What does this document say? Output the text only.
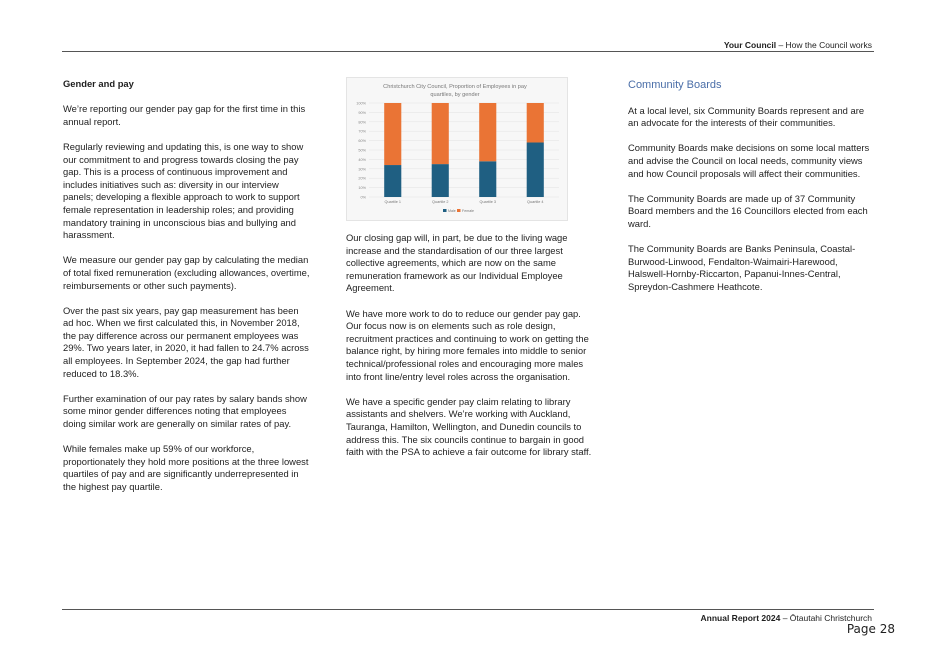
Your Council – How the Council works

Gender and pay

We’re reporting our gender pay gap for the first time in this annual report.

Regularly reviewing and updating this, is one way to show our commitment to and progress towards closing the pay gap. This is a process of continuous improvement and includes initiatives such as: diversity in our interview panels; developing a flexible approach to work to support female representation in leadership roles; and providing mandatory training in unconscious bias and bullying and harassment.

We measure our gender pay gap by calculating the median of total fixed remuneration (excluding allowances, overtime, reimbursements or other such payments).

Over the past six years, pay gap measurement has been ad hoc. When we first calculated this, in November 2018, the pay difference across our permanent employees was 29%. Two years later, in 2020, it had fallen to 24.7% across all employees. In September 2024, the gap had further reduced to 18.3%.

Further examination of our pay rates by salary bands show some minor gender differences noting that employees doing similar work are generally on similar rates of pay.

While females make up 59% of our workforce, proportionately they hold more positions at the three lowest quartiles of pay and are significantly underrepresented in the highest pay quartile.

Christchurch City Council, Proportion of Employees in pay
quartiles, by gender
100%
90%
80%
70%
60%
50%
40%
30%
20%
10%
0%
Quartile 1	Quartile 2	Quartile 3	Quartile 4
Male Female

Our closing gap will, in part, be due to the living wage increase and the standardisation of our three largest collective agreements, which are now on the same remuneration framework as our Individual Employee Agreement.

We have more work to do to reduce our gender pay gap. Our focus now is on elements such as role design, recruitment practices and continuing to work on getting the balance right, by hiring more females into middle to senior technical/professional roles and encouraging more males into front line/entry level roles across the organisation.

We have a specific gender pay claim relating to library assistants and shelvers. We’re working with Auckland, Tauranga, Hamilton, Wellington, and Dunedin councils to address this. The six councils continue to bargain in good faith with the PSA to achieve a fair outcome for library staff.

Community Boards

At a local level, six Community Boards represent and are an advocate for the interests of their communities.

Community Boards make decisions on some local matters and advise the Council on local needs, community views and how Council proposals will affect their communities.

The Community Boards are made up of 37 Community Board members and the 16 Councillors elected from each ward.

The Community Boards are Banks Peninsula, Coastal-Burwood-Linwood, Fendalton-Waimairi-Harewood, Halswell-Hornby-Riccarton, Papanui-Innes-Central, Spreydon-Cashmere Heathcote.

Annual Report 2024 – Ōtautahi Christchurch
Page 28
